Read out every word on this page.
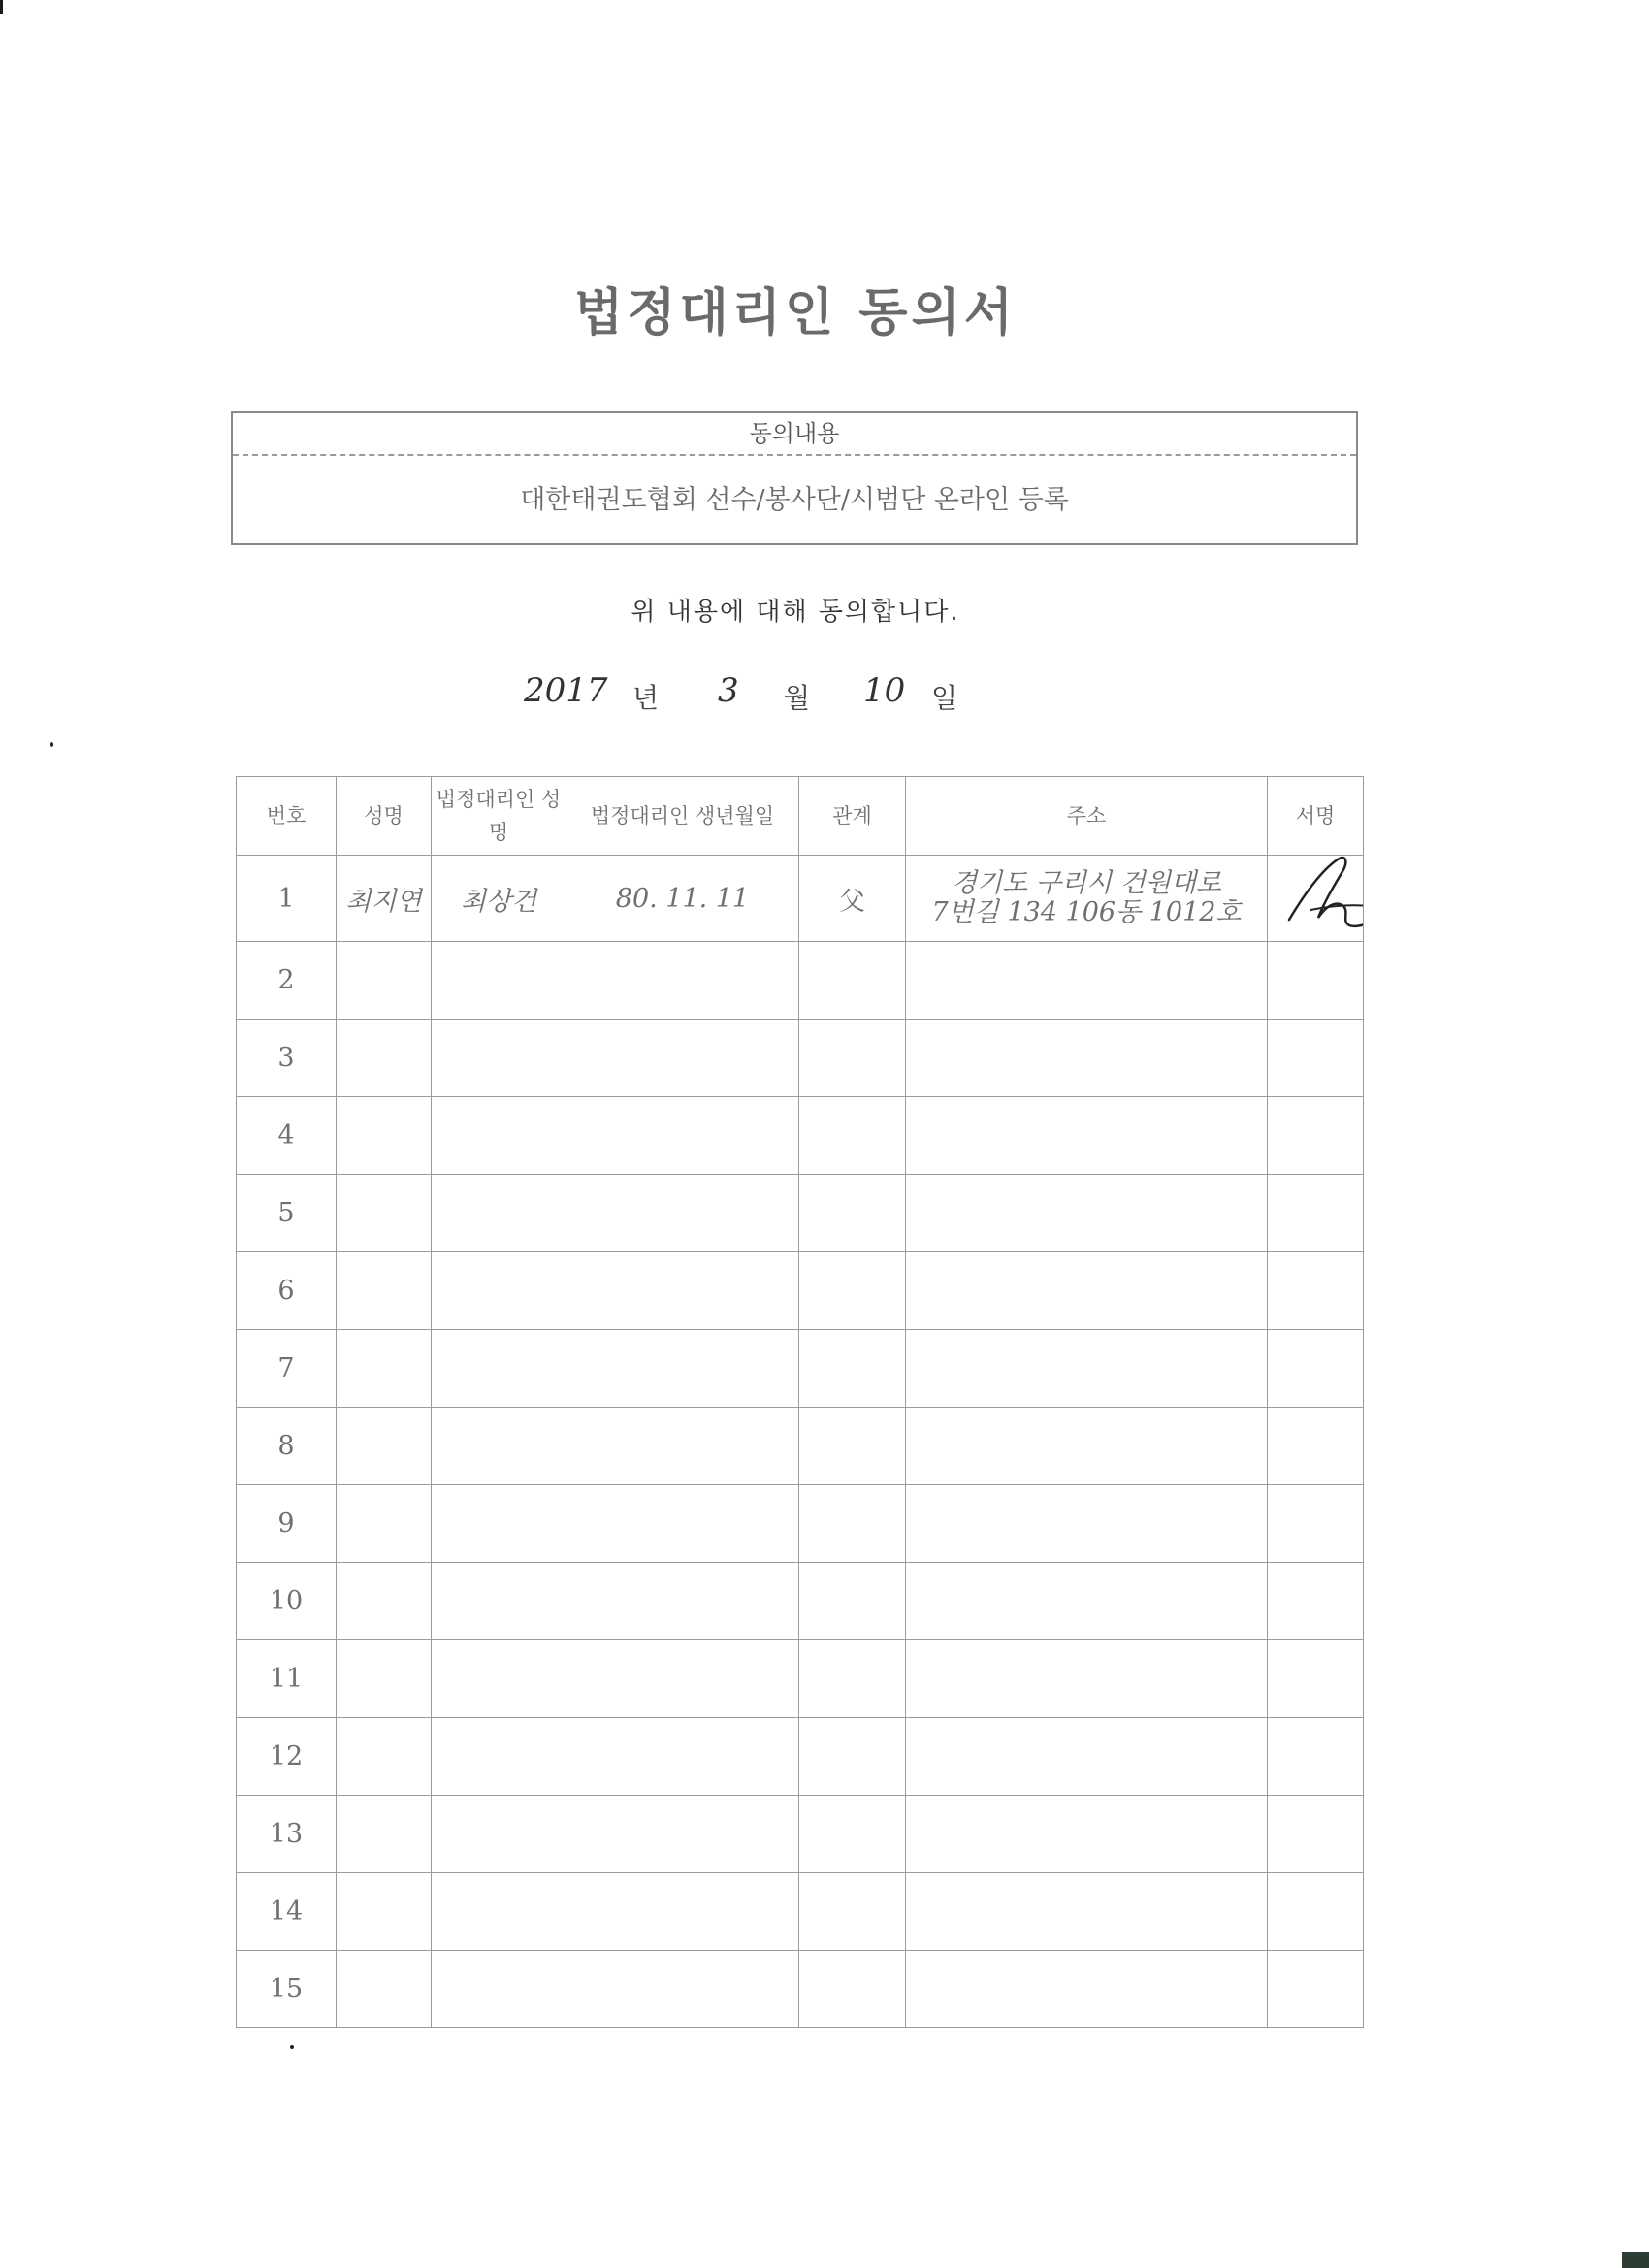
법정대리인 동의서
동의내용
대한태권도협회 선수/봉사단/시범단 온라인 등록
위 내용에 대해 동의합니다.
2017 년 3 월 10 일
번호	성명	법정대리인 성명	법정대리인 생년월일	관계	주소	서명
1	최지연	최상건	80. 11. 11	父	경기도 구리시 건원대로
7번길 134 106동 1012호

2						
3						
4						
5						
6						
7						
8						
9						
10						
11						
12						
13						
14						
15						
